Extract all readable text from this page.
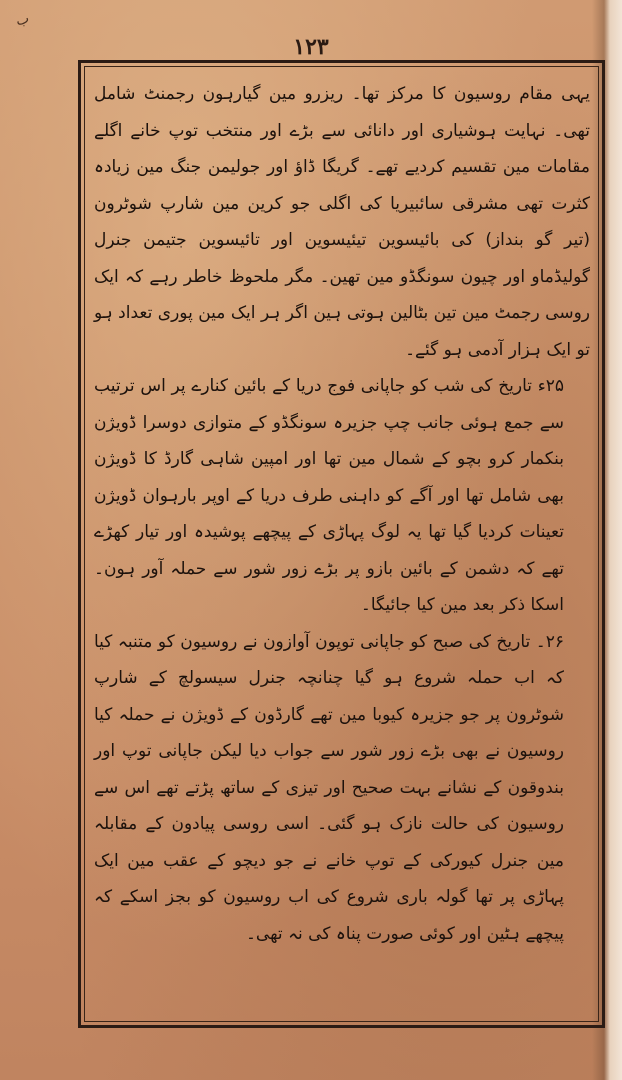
ب
۱۲۳

یہی مقام روسیون کا مرکز تھا۔ ریزرو مین گیارہون رجمنٹ شامل تھی۔ نہایت ہوشیاری اور دانائی سے بڑے اور منتخب توپ خانے اگلے مقامات مین تقسیم کردیے تھے۔ گریگا ڈاؤ اور جولیمن جنگ مین زیادہ کثرت تھی مشرقی سائبیریا کی اگلی جو کرین مین شارپ شوٹرون (تیر گو بنداز) کی بائیسوین تیئیسوین اور تائیسوین جتیمن جنرل گولیڈماو اور چیون سونگڈو مین تھین۔ مگر ملحوظ خاطر رہے کہ ایک روسی رجمٹ مین تین بٹالین ہوتی ہین اگر ہر ایک مین پوری تعداد ہو تو ایک ہزار آدمی ہو گئے۔

۲۵ء تاریخ کی شب کو جاپانی فوج دریا کے بائین کنارے پر اس ترتیب سے جمع ہوئی جانب چپ جزیرہ سونگڈو کے متوازی دوسرا ڈویژن بنکمار کرو بچو کے شمال مین تھا اور امپین شاہی گارڈ کا ڈویژن بھی شامل تھا اور آگے کو داہنی طرف دریا کے اوپر بارہوان ڈویژن تعینات کردیا گیا تھا یہ لوگ پہاڑی کے پیچھے پوشیدہ اور تیار کھڑے تھے کہ دشمن کے بائین بازو پر بڑے زور شور سے حملہ آور ہون۔ اسکا ذکر بعد مین کیا جائیگا۔

۲۶۔ تاریخ کی صبح کو جاپانی توپون آوازون نے روسیون کو متنبہ کیا کہ اب حملہ شروع ہو گیا چنانچہ جنرل سیسولچ کے شارپ شوٹرون پر جو جزیرہ کیوبا مین تھے گارڈون کے ڈویژن نے حملہ کیا روسیون نے بھی بڑے زور شور سے جواب دیا لیکن جاپانی توپ اور بندوقون کے نشانے بہت صحیح اور تیزی کے ساتھ پڑتے تھے اس سے روسیون کی حالت نازک ہو گئی۔ اسی روسی پیادون کے مقابلہ مین جنرل کیورکی کے توپ خانے نے جو دیچو کے عقب مین ایک پہاڑی پر تھا گولہ باری شروع کی اب روسیون کو بجز اسکے کہ پیچھے ہٹین اور کوئی صورت پناہ کی نہ تھی۔
